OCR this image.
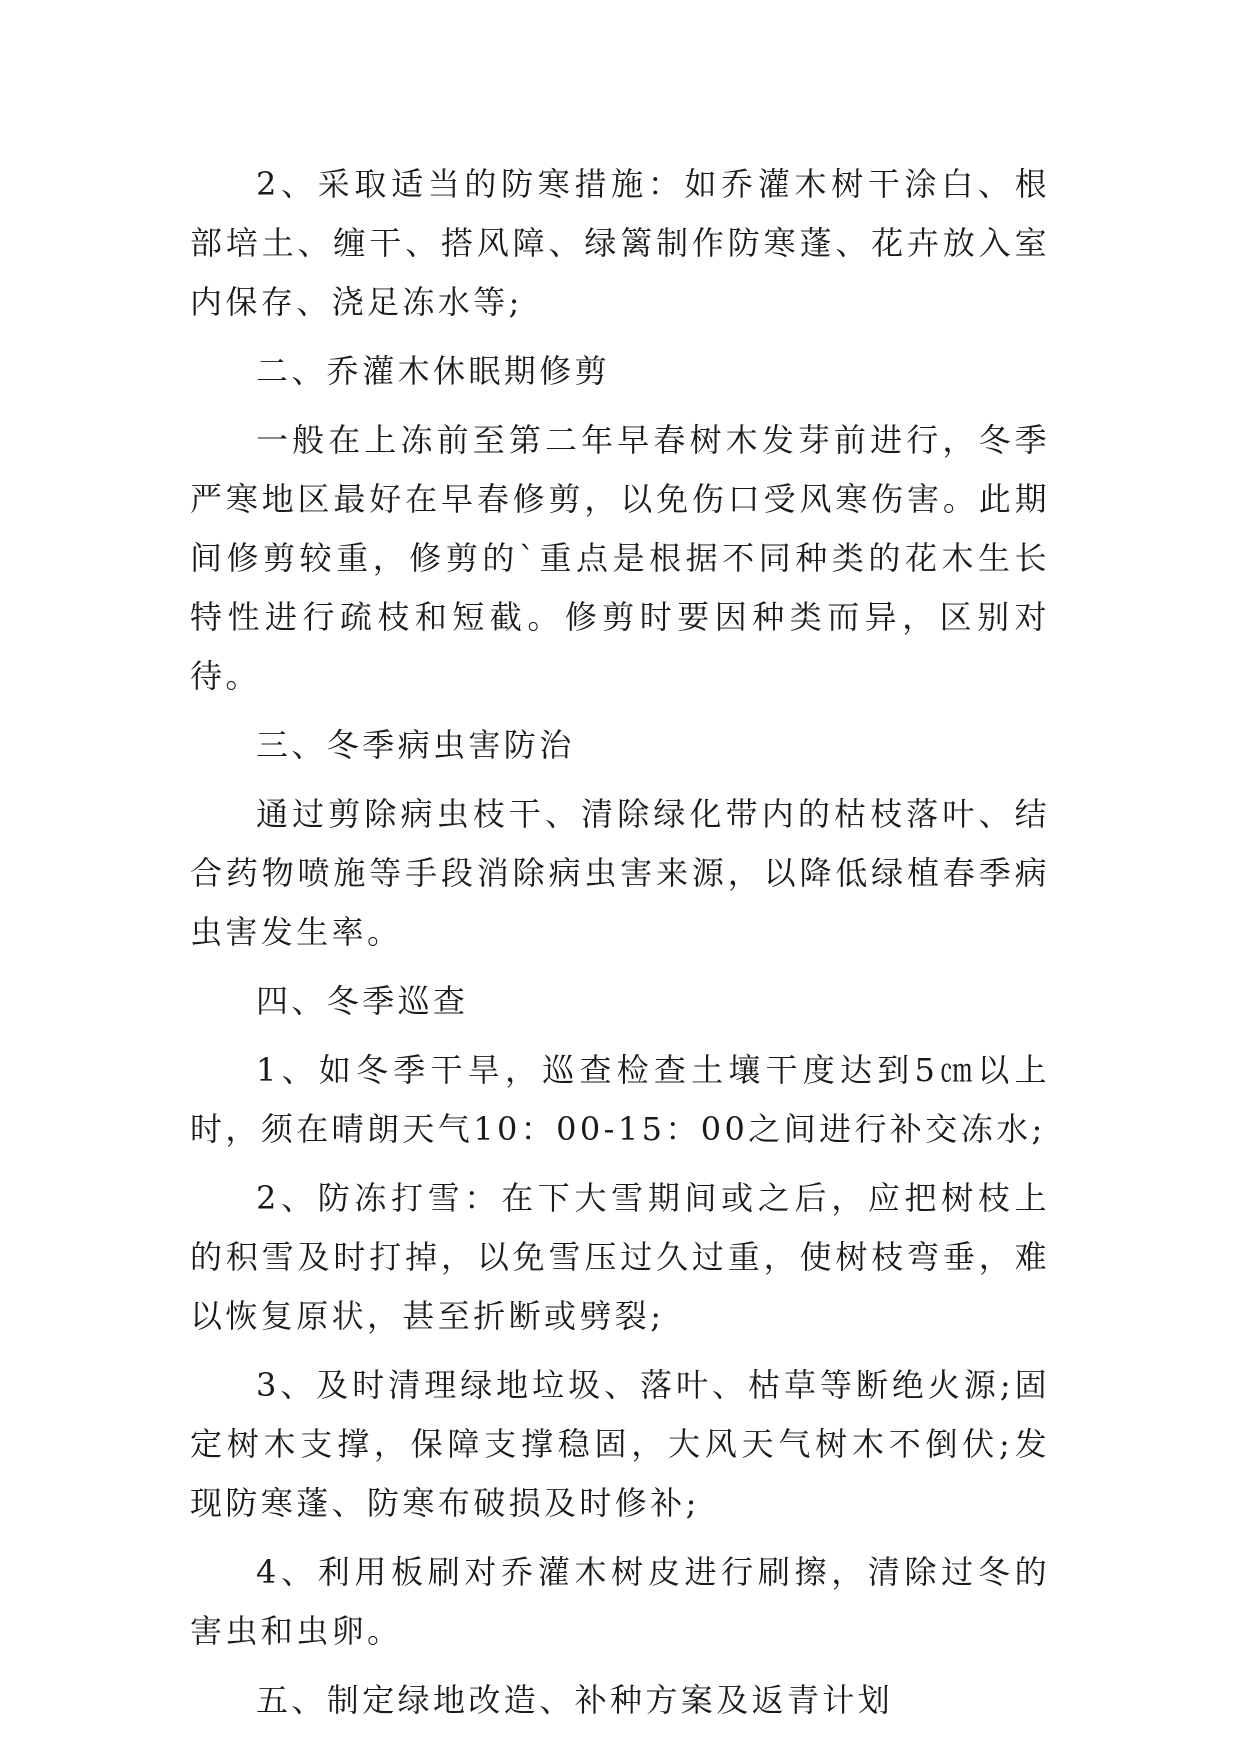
2、采取适当的防寒措施：如乔灌木树干涂白、根部培土、缠干、搭风障、绿篱制作防寒蓬、花卉放入室内保存、浇足冻水等;

二、乔灌木休眠期修剪

一般在上冻前至第二年早春树木发芽前进行，冬季严寒地区最好在早春修剪，以免伤口受风寒伤害。此期间修剪较重，修剪的`重点是根据不同种类的花木生长特性进行疏枝和短截。修剪时要因种类而异，区别对待。

三、冬季病虫害防治

通过剪除病虫枝干、清除绿化带内的枯枝落叶、结合药物喷施等手段消除病虫害来源，以降低绿植春季病虫害发生率。

四、冬季巡查

1、如冬季干旱，巡查检查土壤干度达到5㎝以上时，须在晴朗天气10：00-15：00之间进行补交冻水;

2、防冻打雪：在下大雪期间或之后，应把树枝上的积雪及时打掉，以免雪压过久过重，使树枝弯垂，难以恢复原状，甚至折断或劈裂;

3、及时清理绿地垃圾、落叶、枯草等断绝火源;固定树木支撑，保障支撑稳固，大风天气树木不倒伏;发现防寒蓬、防寒布破损及时修补;

4、利用板刷对乔灌木树皮进行刷擦，清除过冬的害虫和虫卵。

五、制定绿地改造、补种方案及返青计划
